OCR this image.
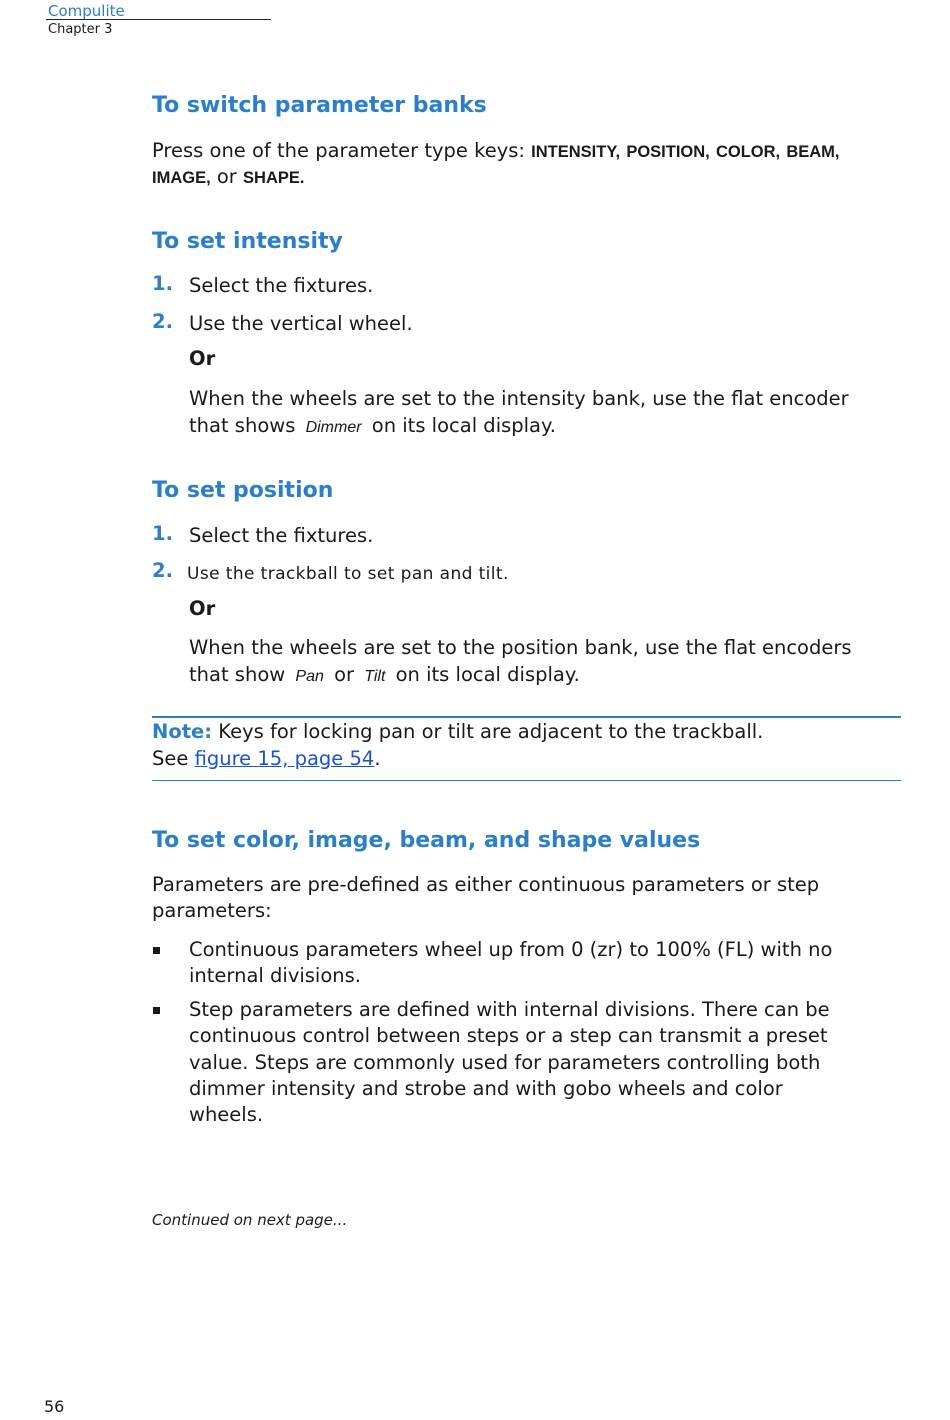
Compulite
Chapter 3
To switch parameter banks
Press one of the parameter type keys: INTENSITY, POSITION, COLOR, BEAM,
IMAGE, or SHAPE.
To set intensity
1. Select the fixtures.
2. Use the vertical wheel.
Or
When the wheels are set to the intensity bank, use the flat encoder
that shows Dimmer on its local display.
To set position
1. Select the fixtures.
2. Use the trackball to set pan and tilt.
Or
When the wheels are set to the position bank, use the flat encoders
that show Pan or Tilt on its local display.
Note: Keys for locking pan or tilt are adjacent to the trackball.
See figure 15, page 54.
To set color, image, beam, and shape values
Parameters are pre-defined as either continuous parameters or step
parameters:
Continuous parameters wheel up from 0 (zr) to 100% (FL) with no
internal divisions.
Step parameters are defined with internal divisions. There can be
continuous control between steps or a step can transmit a preset
value. Steps are commonly used for parameters controlling both
dimmer intensity and strobe and with gobo wheels and color
wheels.
Continued on next page...
56
